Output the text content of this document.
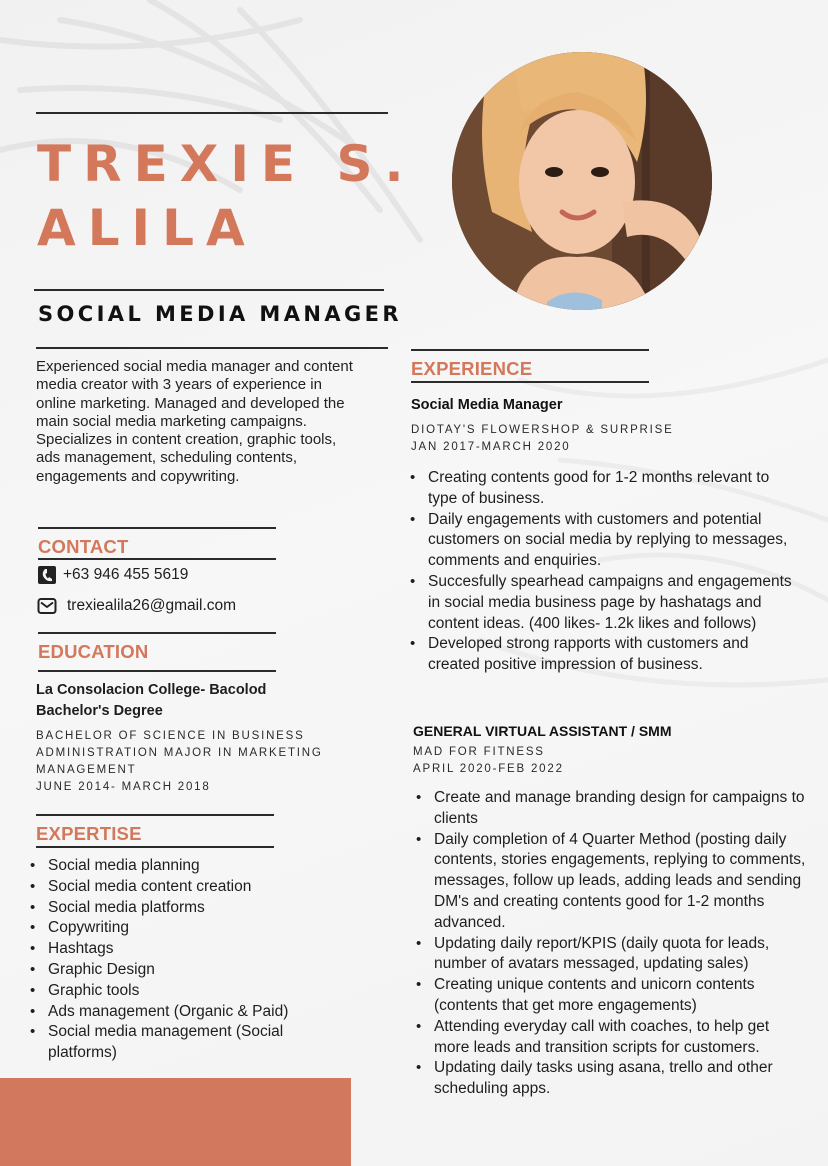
TREXIE S.
ALILA
SOCIAL MEDIA MANAGER
Experienced social media manager and content media creator with 3 years of experience in online marketing. Managed and developed the main social media marketing campaigns. Specializes in content creation, graphic tools, ads management, scheduling contents, engagements and copywriting.
CONTACT
+63 946 455 5619
trexiealila26@gmail.com
EDUCATION
La Consolacion College- Bacolod
Bachelor's Degree
BACHELOR OF SCIENCE IN BUSINESS
ADMINISTRATION MAJOR IN MARKETING
MANAGEMENT
JUNE 2014- MARCH 2018
EXPERTISE
• Social media planning
• Social media content creation
• Social media platforms
• Copywriting
• Hashtags
• Graphic Design
• Graphic tools
• Ads management (Organic & Paid)
• Social media management (Social platforms)
EXPERIENCE
Social Media Manager
DIOTAY'S FLOWERSHOP & SURPRISE
JAN 2017-MARCH 2020
• Creating contents good for 1-2 months relevant to type of business.
• Daily engagements with customers and potential customers on social media by replying to messages, comments and enquiries.
• Succesfully spearhead campaigns and engagements in social media business page by hashatags and content ideas. (400 likes- 1.2k likes and follows)
• Developed strong rapports with customers and created positive impression of business.
GENERAL VIRTUAL ASSISTANT / SMM
MAD FOR FITNESS
APRIL 2020-FEB 2022
• Create and manage branding design for campaigns to clients
• Daily completion of 4 Quarter Method (posting daily contents, stories engagements, replying to comments, messages, follow up leads, adding leads and sending DM's and creating contents good for 1-2 months advanced.
• Updating daily report/KPIS (daily quota for leads, number of avatars messaged, updating sales)
• Creating unique contents and unicorn contents (contents that get more engagements)
• Attending everyday call with coaches, to help get more leads and transition scripts for customers.
• Updating daily tasks using asana, trello and other scheduling apps.
